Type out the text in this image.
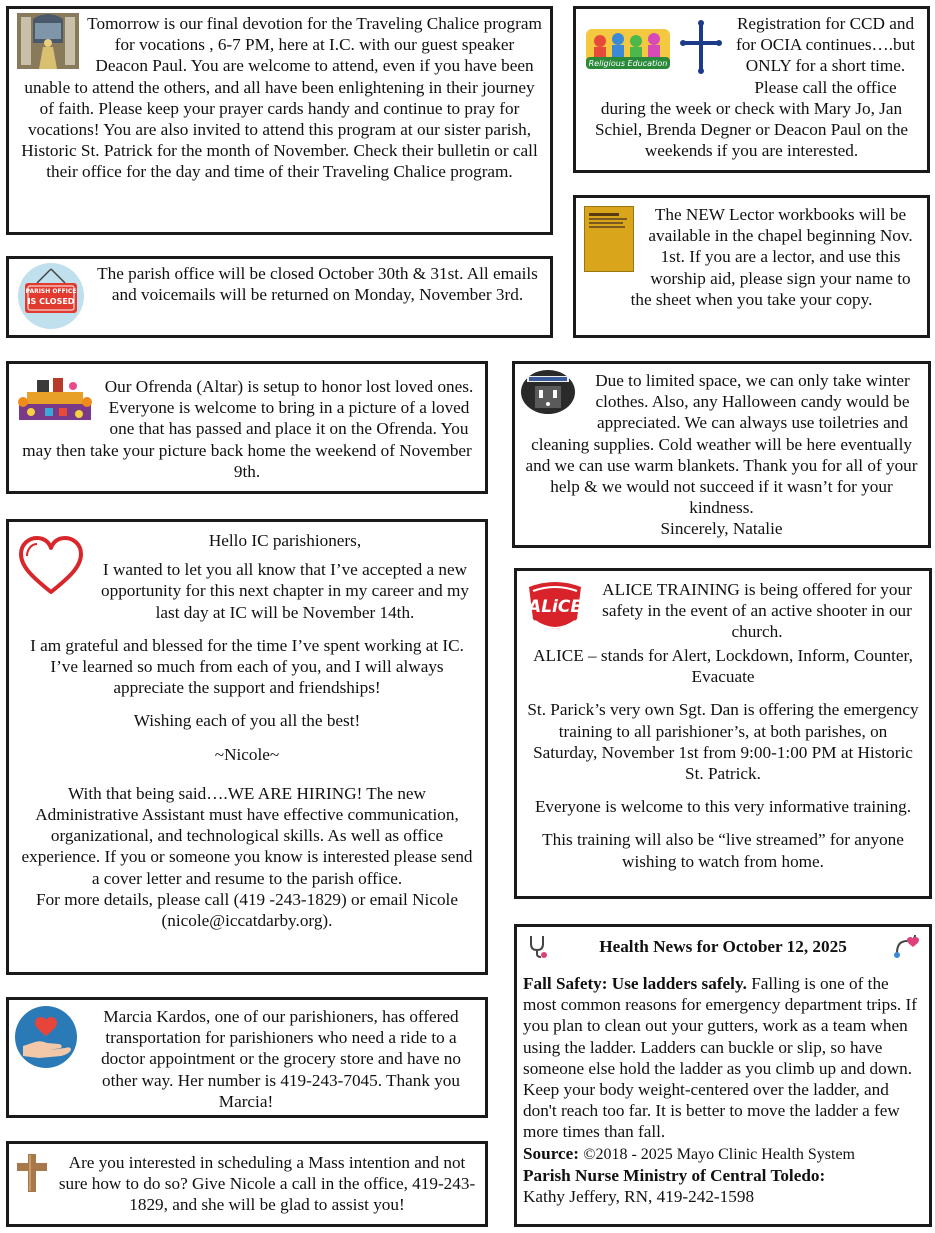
Tomorrow is our final devotion for the Traveling Chalice program for vocations , 6-7 PM, here at I.C. with our guest speaker Deacon Paul. You are welcome to attend, even if you have been unable to attend the others, and all have been enlightening in their journey of faith. Please keep your prayer cards handy and continue to pray for vocations! You are also invited to attend this program at our sister parish, Historic St. Patrick for the month of November. Check their bulletin or call their office for the day and time of their Traveling Chalice program.

Religious Education

Registration for CCD and for OCIA continues….but ONLY for a short time. Please call the office during the week or check with Mary Jo, Jan Schiel, Brenda Degner or Deacon Paul on the weekends if you are interested.

The NEW Lector workbooks will be available in the chapel beginning Nov. 1st. If you are a lector, and use this worship aid, please sign your name to the sheet when you take your copy.

PARISH OFFICE
IS CLOSED

The parish office will be closed October 30th & 31st. All emails and voicemails will be returned on Monday, November 3rd.

Our Ofrenda (Altar) is setup to honor lost loved ones. Everyone is welcome to bring in a picture of a loved one that has passed and place it on the Ofrenda. You may then take your picture back home the weekend of November 9th.

Due to limited space, we can only take winter clothes. Also, any Halloween candy would be appreciated. We can always use toiletries and cleaning supplies. Cold weather will be here eventually and we can use warm blankets. Thank you for all of your help & we would not succeed if it wasn’t for your kindness.

Sincerely, Natalie

Hello IC parishioners,

I wanted to let you all know that I’ve accepted a new opportunity for this next chapter in my career and my last day at IC will be November 14th.

I am grateful and blessed for the time I’ve spent working at IC. I’ve learned so much from each of you, and I will always appreciate the support and friendships!

Wishing each of you all the best!

~Nicole~

With that being said….WE ARE HIRING! The new Administrative Assistant must have effective communication, organizational, and technological skills. As well as office experience. If you or someone you know is interested please send a cover letter and resume to the parish office.

For more details, please call (419 -243-1829) or email Nicole (nicole@iccatdarby.org).

ALiCE

ALICE TRAINING is being offered for your safety in the event of an active shooter in our church.

ALICE – stands for Alert, Lockdown, Inform, Counter, Evacuate

St. Parick’s very own Sgt. Dan is offering the emergency training to all parishioner’s, at both parishes, on Saturday, November 1st from 9:00-1:00 PM at Historic St. Patrick.

Everyone is welcome to this very informative training.

This training will also be “live streamed” for anyone wishing to watch from home.

Health News for October 12, 2025

Fall Safety: Use ladders safely. Falling is one of the most common reasons for emergency department trips. If you plan to clean out your gutters, work as a team when using the ladder. Ladders can buckle or slip, so have someone else hold the ladder as you climb up and down. Keep your body weight-centered over the ladder, and don't reach too far. It is better to move the ladder a few more times than fall.

Source: ©2018 - 2025 Mayo Clinic Health System

Parish Nurse Ministry of Central Toledo:

Kathy Jeffery, RN, 419-242-1598

Marcia Kardos, one of our parishioners, has offered transportation for parishioners who need a ride to a doctor appointment or the grocery store and have no other way. Her number is 419-243-7045. Thank you Marcia!

Are you interested in scheduling a Mass intention and not sure how to do so? Give Nicole a call in the office, 419-243-1829, and she will be glad to assist you!
